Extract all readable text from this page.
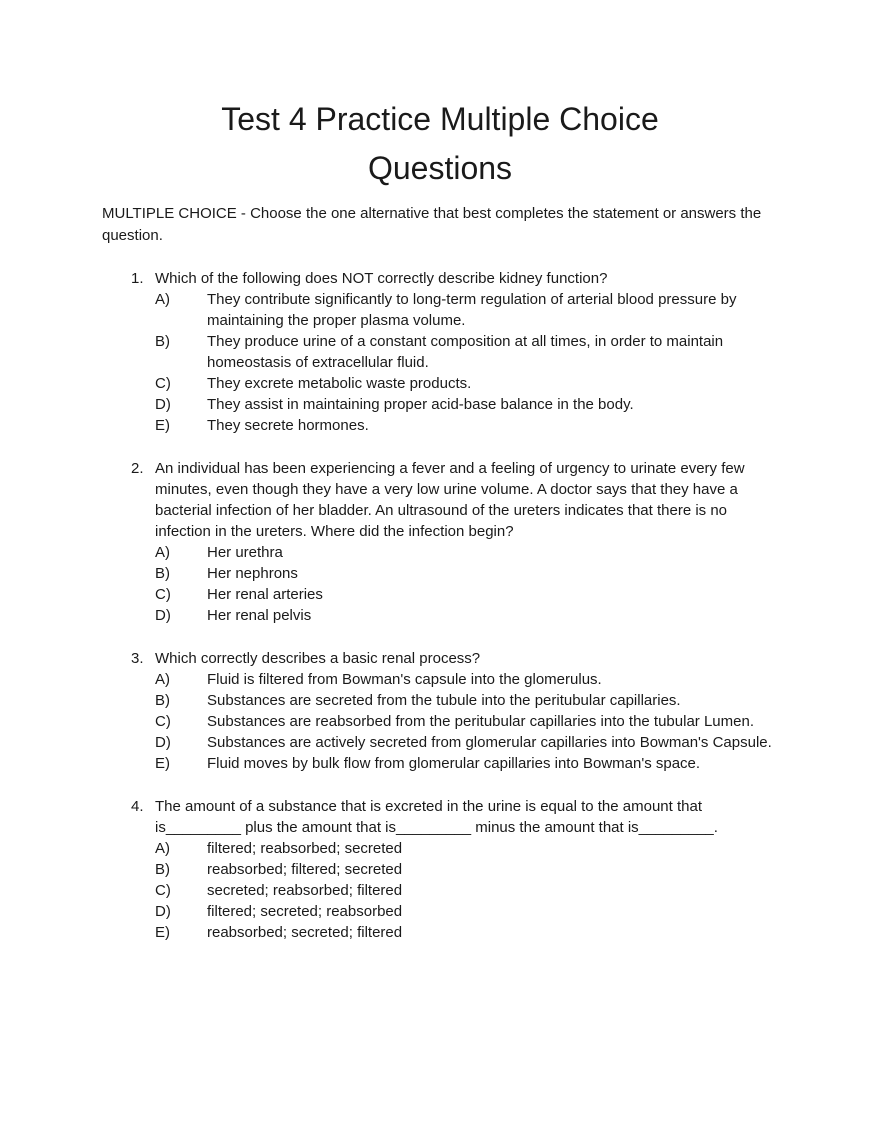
Test 4 Practice Multiple Choice
Questions
MULTIPLE CHOICE - Choose the one alternative that best completes the statement or answers the question.
1. Which of the following does NOT correctly describe kidney function?
A)	They contribute significantly to long-term regulation of arterial blood pressure by maintaining the proper plasma volume.
B)	They produce urine of a constant composition at all times, in order to maintain homeostasis of extracellular fluid.
C)	They excrete metabolic waste products.
D)	They assist in maintaining proper acid-base balance in the body.
E)	They secrete hormones.
2. An individual has been experiencing a fever and a feeling of urgency to urinate every few minutes, even though they have a very low urine volume. A doctor says that they have a bacterial infection of her bladder. An ultrasound of the ureters indicates that there is no infection in the ureters. Where did the infection begin?
A)	Her urethra
B)	Her nephrons
C)	Her renal arteries
D)	Her renal pelvis
3. Which correctly describes a basic renal process?
A)	Fluid is filtered from Bowman's capsule into the glomerulus.
B)	Substances are secreted from the tubule into the peritubular capillaries.
C)	Substances are reabsorbed from the peritubular capillaries into the tubular Lumen.
D)	Substances are actively secreted from glomerular capillaries into Bowman's Capsule.
E)	Fluid moves by bulk flow from glomerular capillaries into Bowman's space.
4. The amount of a substance that is excreted in the urine is equal to the amount that is_________ plus the amount that is_________ minus the amount that is_________.
A)	filtered; reabsorbed; secreted
B)	reabsorbed; filtered; secreted
C)	secreted; reabsorbed; filtered
D)	filtered; secreted; reabsorbed
E)	reabsorbed; secreted; filtered
